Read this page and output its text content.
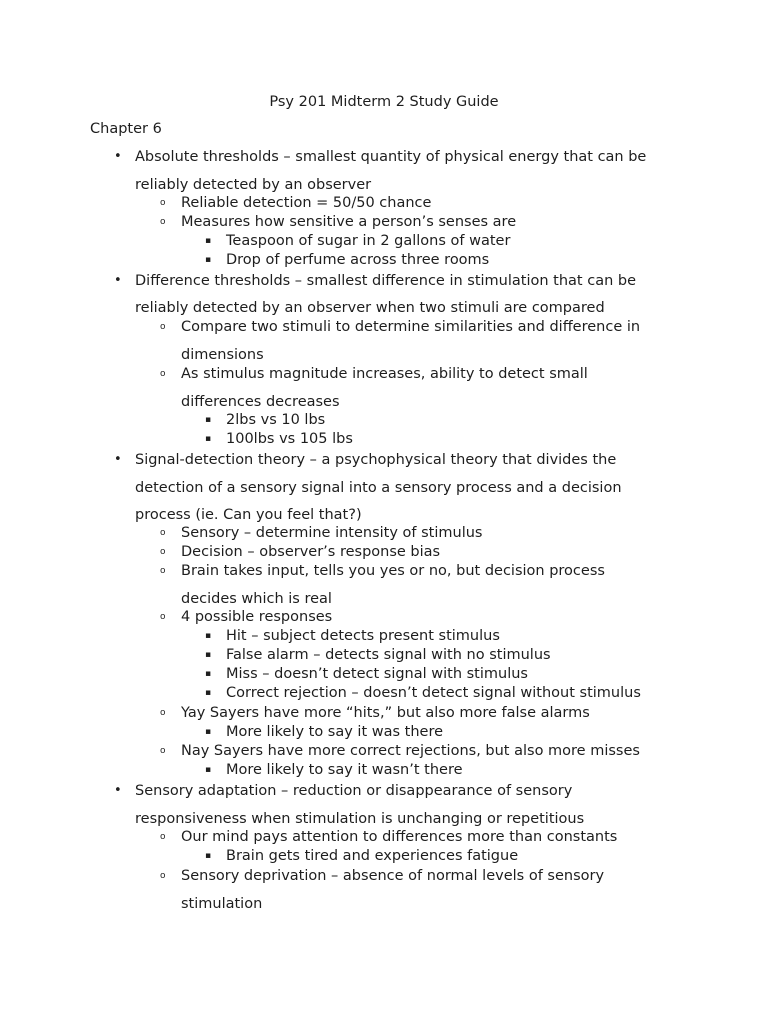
Psy 201 Midterm 2 Study Guide
Chapter 6
• Absolute thresholds – smallest quantity of physical energy that can be
reliably detected by an observer
o Reliable detection = 50/50 chance
o Measures how sensitive a person’s senses are
▪ Teaspoon of sugar in 2 gallons of water
▪ Drop of perfume across three rooms
• Difference thresholds – smallest difference in stimulation that can be
reliably detected by an observer when two stimuli are compared
o Compare two stimuli to determine similarities and difference in
dimensions
o As stimulus magnitude increases, ability to detect small
differences decreases
▪ 2lbs vs 10 lbs
▪ 100lbs vs 105 lbs
• Signal-detection theory – a psychophysical theory that divides the
detection of a sensory signal into a sensory process and a decision
process (ie. Can you feel that?)
o Sensory – determine intensity of stimulus
o Decision – observer’s response bias
o Brain takes input, tells you yes or no, but decision process
decides which is real
o 4 possible responses
▪ Hit – subject detects present stimulus
▪ False alarm – detects signal with no stimulus
▪ Miss – doesn’t detect signal with stimulus
▪ Correct rejection – doesn’t detect signal without stimulus
o Yay Sayers have more “hits,” but also more false alarms
▪ More likely to say it was there
o Nay Sayers have more correct rejections, but also more misses
▪ More likely to say it wasn’t there
• Sensory adaptation – reduction or disappearance of sensory
responsiveness when stimulation is unchanging or repetitious
o Our mind pays attention to differences more than constants
▪ Brain gets tired and experiences fatigue
o Sensory deprivation – absence of normal levels of sensory
stimulation
